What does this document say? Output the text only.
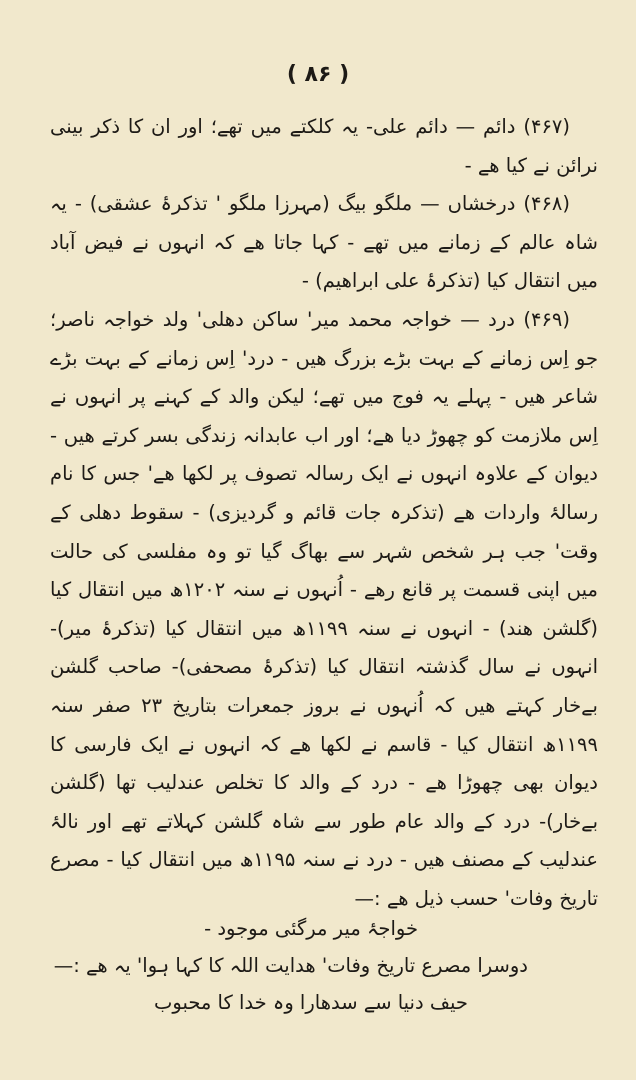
( ۸۶ )

(۴۶۷) دائم — دائم علی- یہ کلکتے میں تھے؛ اور ان کا ذکر بینی نرائن نے کیا ھے -

(۴۶۸) درخشاں — ملگو بیگ (مہرزا ملگو ' تذکرۂ عشقی) - یہ شاہ عالم کے زمانے میں تھے - کہا جاتا ھے کہ انہوں نے فیض آباد میں انتقال کیا (تذکرۂ علی ابراھیم) -

(۴۶۹) درد — خواجہ محمد میر' ساکن دھلی' ولد خواجہ ناصر؛ جو اِس زمانے کے بہت بڑے بزرگ ھیں - درد' اِس زمانے کے بہت بڑے شاعر ھیں - پہلے یہ فوج میں تھے؛ لیکن والد کے کہنے پر انہوں نے اِس ملازمت کو چھوڑ دیا ھے؛ اور اب عابدانہ زندگی بسر کرتے ھیں - دیوان کے علاوہ انہوں نے ایک رسالہ تصوف پر لکھا ھے' جس کا نام رسالۂ واردات ھے (تذکرہ جات قائم و گردیزی) - سقوط دھلی کے وقت' جب ہر شخص شہر سے بھاگ گیا تو وہ مفلسی کی حالت میں اپنی قسمت پر قانع رھے - اُنہوں نے سنہ ۱۲۰۲ھ میں انتقال کیا (گلشن ھند) - انہوں نے سنہ ۱۱۹۹ھ میں انتقال کیا (تذکرۂ میر)- انہوں نے سال گذشتہ انتقال کیا (تذکرۂ مصحفی)- صاحب گلشن بےخار کہتے ھیں کہ اُنہوں نے بروز جمعرات بتاریخ ۲۳ صفر سنہ ۱۱۹۹ھ انتقال کیا - قاسم نے لکھا ھے کہ انہوں نے ایک فارسی کا دیوان بھی چھوڑا ھے - درد کے والد کا تخلص عندلیب تھا (گلشن بےخار)- درد کے والد عام طور سے شاہ گلشن کہلاتے تھے اور نالۂ عندلیب کے مصنف ھیں - درد نے سنہ ۱۱۹۵ھ میں انتقال کیا - مصرع تاریخ وفات' حسب ذیل ھے :—

خواجۂ میر مرگئی موجود -

دوسرا مصرع تاریخ وفات' ھدایت اللہ کا کہا ہوا' یہ ھے :—

حیف دنیا سے سدھارا وہ خدا کا محبوب
